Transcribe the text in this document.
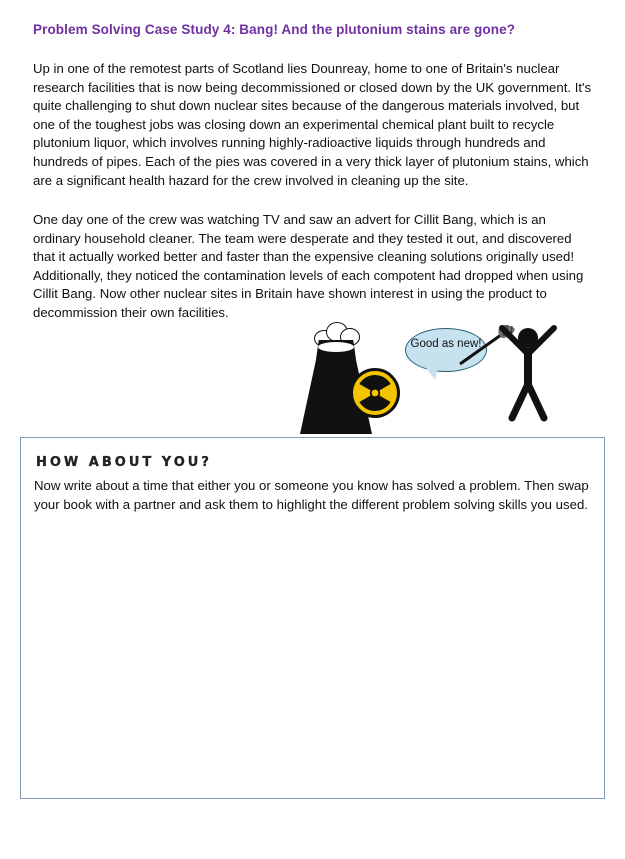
Problem Solving Case Study 4: Bang! And the plutonium stains are gone?
Up in one of the remotest parts of Scotland lies Dounreay, home to one of Britain's nuclear research facilities that is now being decommissioned or closed down by the UK government. It's quite challenging to shut down nuclear sites because of the dangerous materials involved, but one of the toughest jobs was closing down an experimental chemical plant built to recycle plutonium liquor, which involves running highly-radioactive liquids through hundreds and hundreds of pipes. Each of the pies was covered in a very thick layer of plutonium stains, which are a significant health hazard for the crew involved in cleaning up the site.
One day one of the crew was watching TV and saw an advert for Cillit Bang, which is an ordinary household cleaner. The team were desperate and they tested it out, and discovered that it actually worked better and faster than the expensive cleaning solutions originally used! Additionally, they noticed the contamination levels of each compotent had dropped when using Cillit Bang. Now other nuclear sites in Britain have shown interest in using the product to decommission their own facilities.
Good as new!
HOW ABOUT YOU?
Now write about a time that either you or someone you know has solved a problem. Then swap your book with a partner and ask them to highlight the different problem solving skills you used.
